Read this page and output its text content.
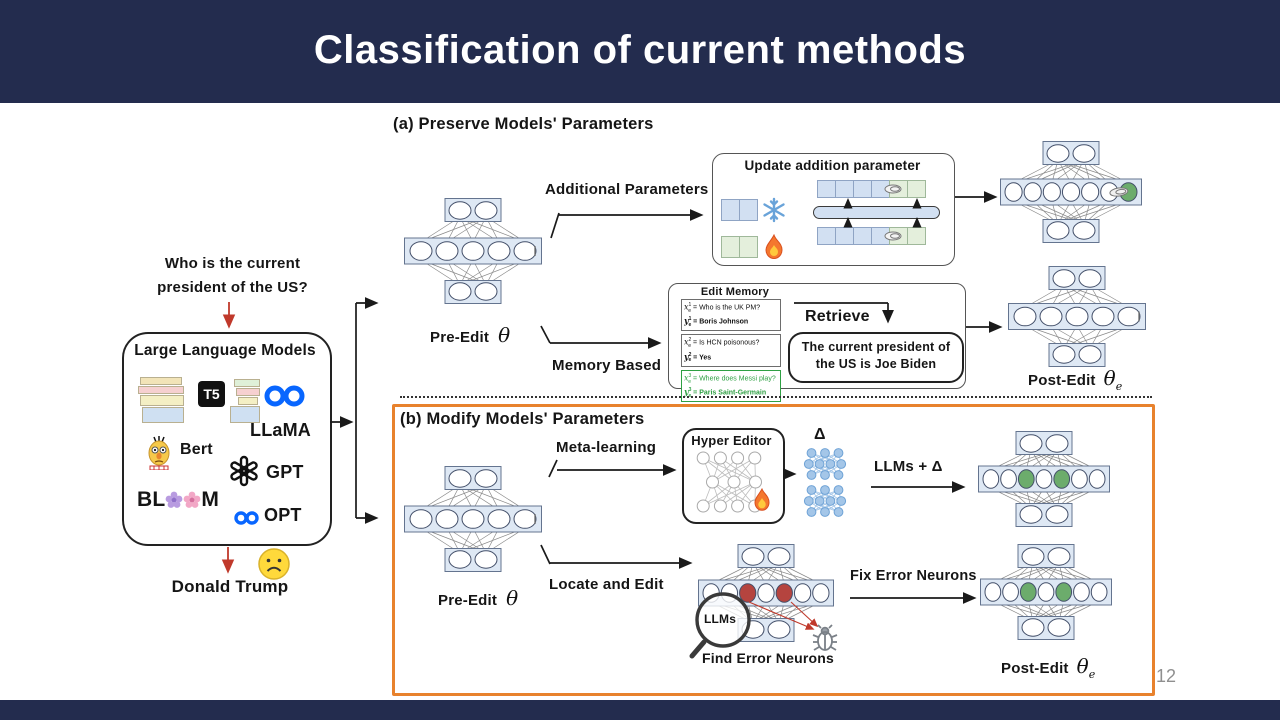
Classification of current methods
12
Who is the current
president of the US?
Large Language Models
T5
LLaMA
Bert
GPT
BL M
OPT
Donald Trump
(a) Preserve Models' Parameters
Pre-Edit θ
Additional Parameters
Memory Based
Update addition parameter
Edit Memory
$x^1_e$ = Who is the UK PM?
$y^1_e$ = Boris Johnson
$x^2_e = Is$ HCN poisonous?
$y^2_e$ = Yes
$x^3_e$ = Where does Messi play?
$y^3_e$ = Paris Saint-Germain
Retrieve
The current president of
the US is Joe Biden
Post-Edit $\theta_e$
(b) Modify Models' Parameters
Pre-Edit θ
Meta-learning
Locate and Edit
Hyper Editor	Δ
LLMs + Δ
LLMs
Find Error Neurons
Fix Error Neurons
Post-Edit $\theta_e$
